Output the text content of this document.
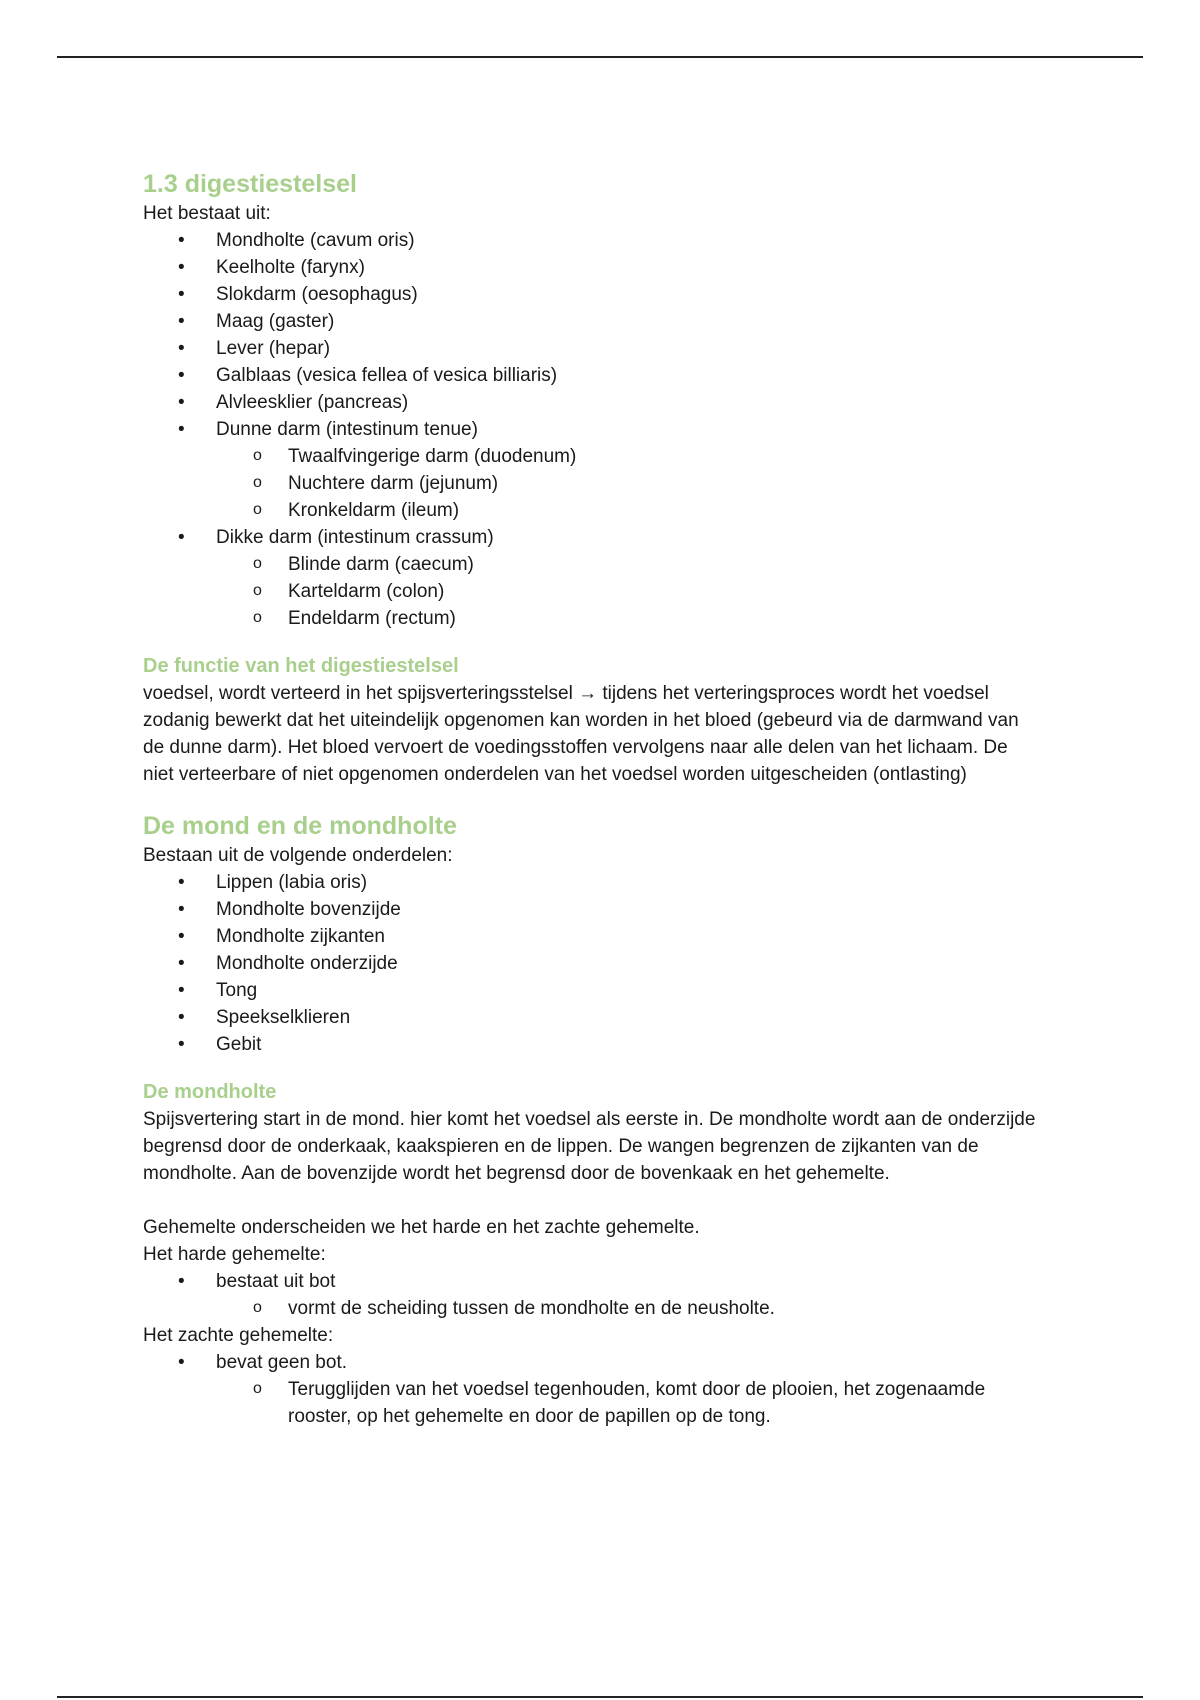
1.3 digestiestelsel

Het bestaat uit:

• Mondholte (cavum oris)
• Keelholte (farynx)
• Slokdarm (oesophagus)
• Maag (gaster)
• Lever (hepar)
• Galblaas (vesica fellea of vesica billiaris)
• Alvleesklier (pancreas)
• Dunne darm (intestinum tenue)
o Twaalfvingerige darm (duodenum)
o Nuchtere darm (jejunum)
o Kronkeldarm (ileum)
• Dikke darm (intestinum crassum)
o Blinde darm (caecum)
o Karteldarm (colon)
o Endeldarm (rectum)
De functie van het digestiestelsel

voedsel, wordt verteerd in het spijsverteringsstelsel → tijdens het verteringsproces wordt het voedsel zodanig bewerkt dat het uiteindelijk opgenomen kan worden in het bloed (gebeurd via de darmwand van de dunne darm). Het bloed vervoert de voedingsstoffen vervolgens naar alle delen van het lichaam. De niet verteerbare of niet opgenomen onderdelen van het voedsel worden uitgescheiden (ontlasting)

De mond en de mondholte

Bestaan uit de volgende onderdelen:

• Lippen (labia oris)
• Mondholte bovenzijde
• Mondholte zijkanten
• Mondholte onderzijde
• Tong
• Speekselklieren
• Gebit
De mondholte

Spijsvertering start in de mond. hier komt het voedsel als eerste in. De mondholte wordt aan de onderzijde begrensd door de onderkaak, kaakspieren en de lippen. De wangen begrenzen de zijkanten van de mondholte. Aan de bovenzijde wordt het begrensd door de bovenkaak en het gehemelte.

Gehemelte onderscheiden we het harde en het zachte gehemelte.

Het harde gehemelte:

• bestaat uit bot
o vormt de scheiding tussen de mondholte en de neusholte.

Het zachte gehemelte:

• bevat geen bot.
o Terugglijden van het voedsel tegenhouden, komt door de plooien, het zogenaamde rooster, op het gehemelte en door de papillen op de tong.
